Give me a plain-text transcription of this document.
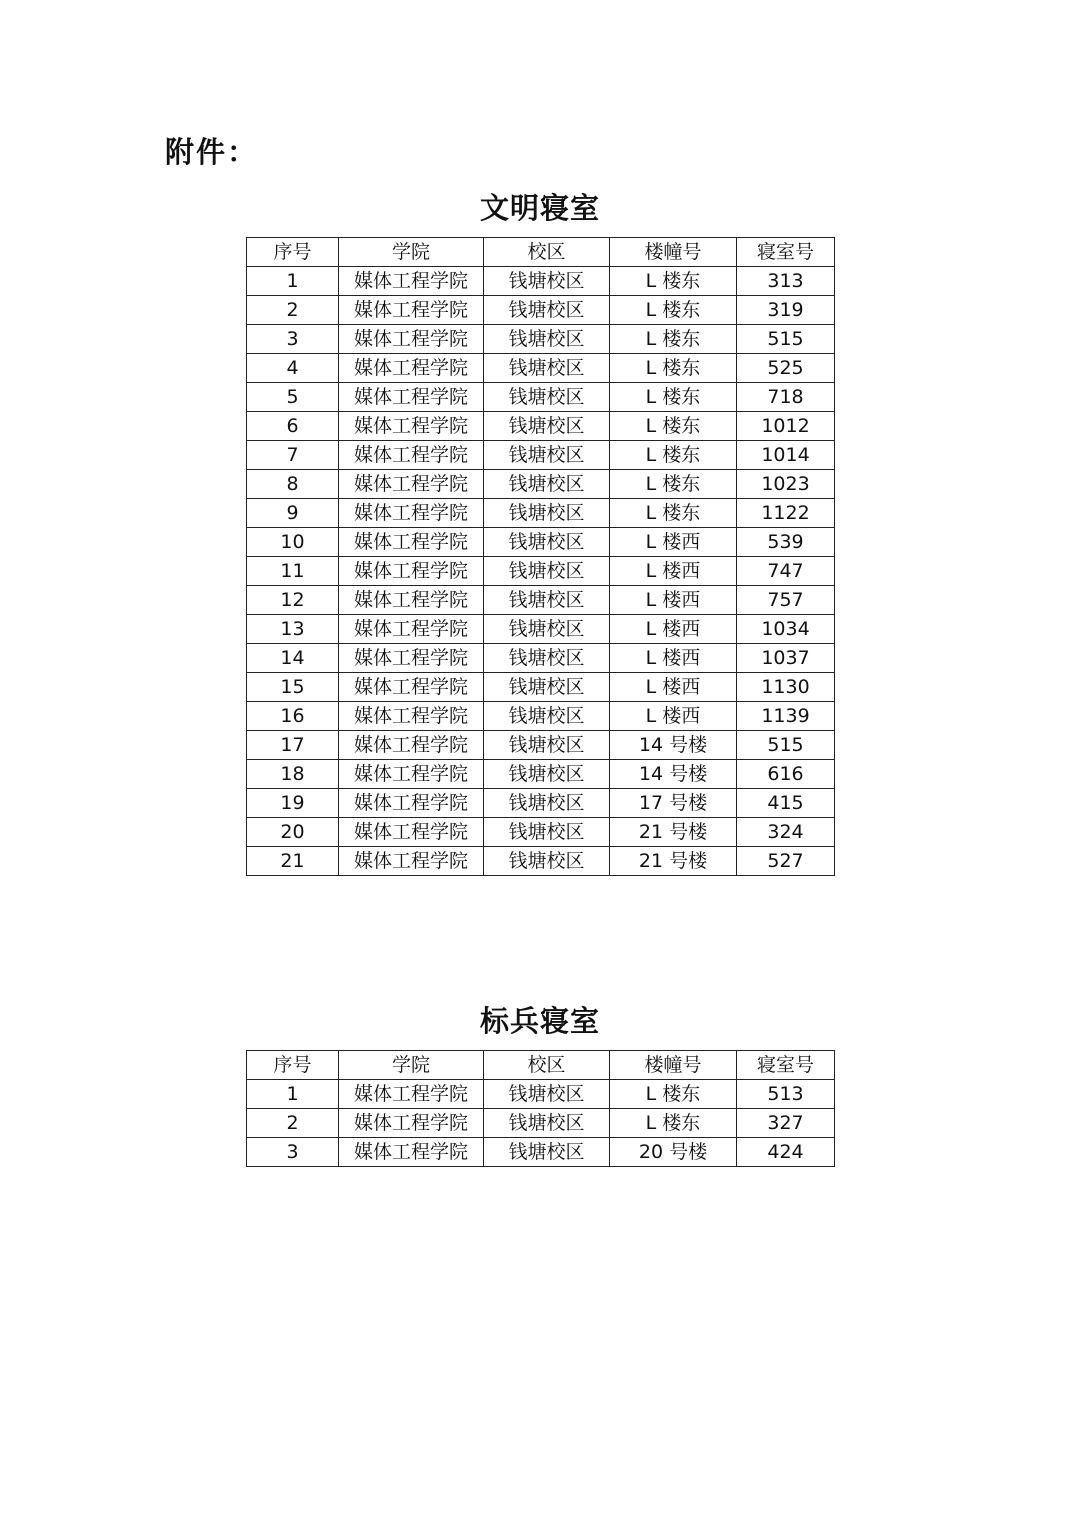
附件：
文明寝室
序号	学院	校区	楼幢号	寝室号
1	媒体工程学院	钱塘校区	L 楼东	313
2	媒体工程学院	钱塘校区	L 楼东	319
3	媒体工程学院	钱塘校区	L 楼东	515
4	媒体工程学院	钱塘校区	L 楼东	525
5	媒体工程学院	钱塘校区	L 楼东	718
6	媒体工程学院	钱塘校区	L 楼东	1012
7	媒体工程学院	钱塘校区	L 楼东	1014
8	媒体工程学院	钱塘校区	L 楼东	1023
9	媒体工程学院	钱塘校区	L 楼东	1122
10	媒体工程学院	钱塘校区	L 楼西	539
11	媒体工程学院	钱塘校区	L 楼西	747
12	媒体工程学院	钱塘校区	L 楼西	757
13	媒体工程学院	钱塘校区	L 楼西	1034
14	媒体工程学院	钱塘校区	L 楼西	1037
15	媒体工程学院	钱塘校区	L 楼西	1130
16	媒体工程学院	钱塘校区	L 楼西	1139
17	媒体工程学院	钱塘校区	14 号楼	515
18	媒体工程学院	钱塘校区	14 号楼	616
19	媒体工程学院	钱塘校区	17 号楼	415
20	媒体工程学院	钱塘校区	21 号楼	324
21	媒体工程学院	钱塘校区	21 号楼	527
标兵寝室
序号	学院	校区	楼幢号	寝室号
1	媒体工程学院	钱塘校区	L 楼东	513
2	媒体工程学院	钱塘校区	L 楼东	327
3	媒体工程学院	钱塘校区	20 号楼	424
